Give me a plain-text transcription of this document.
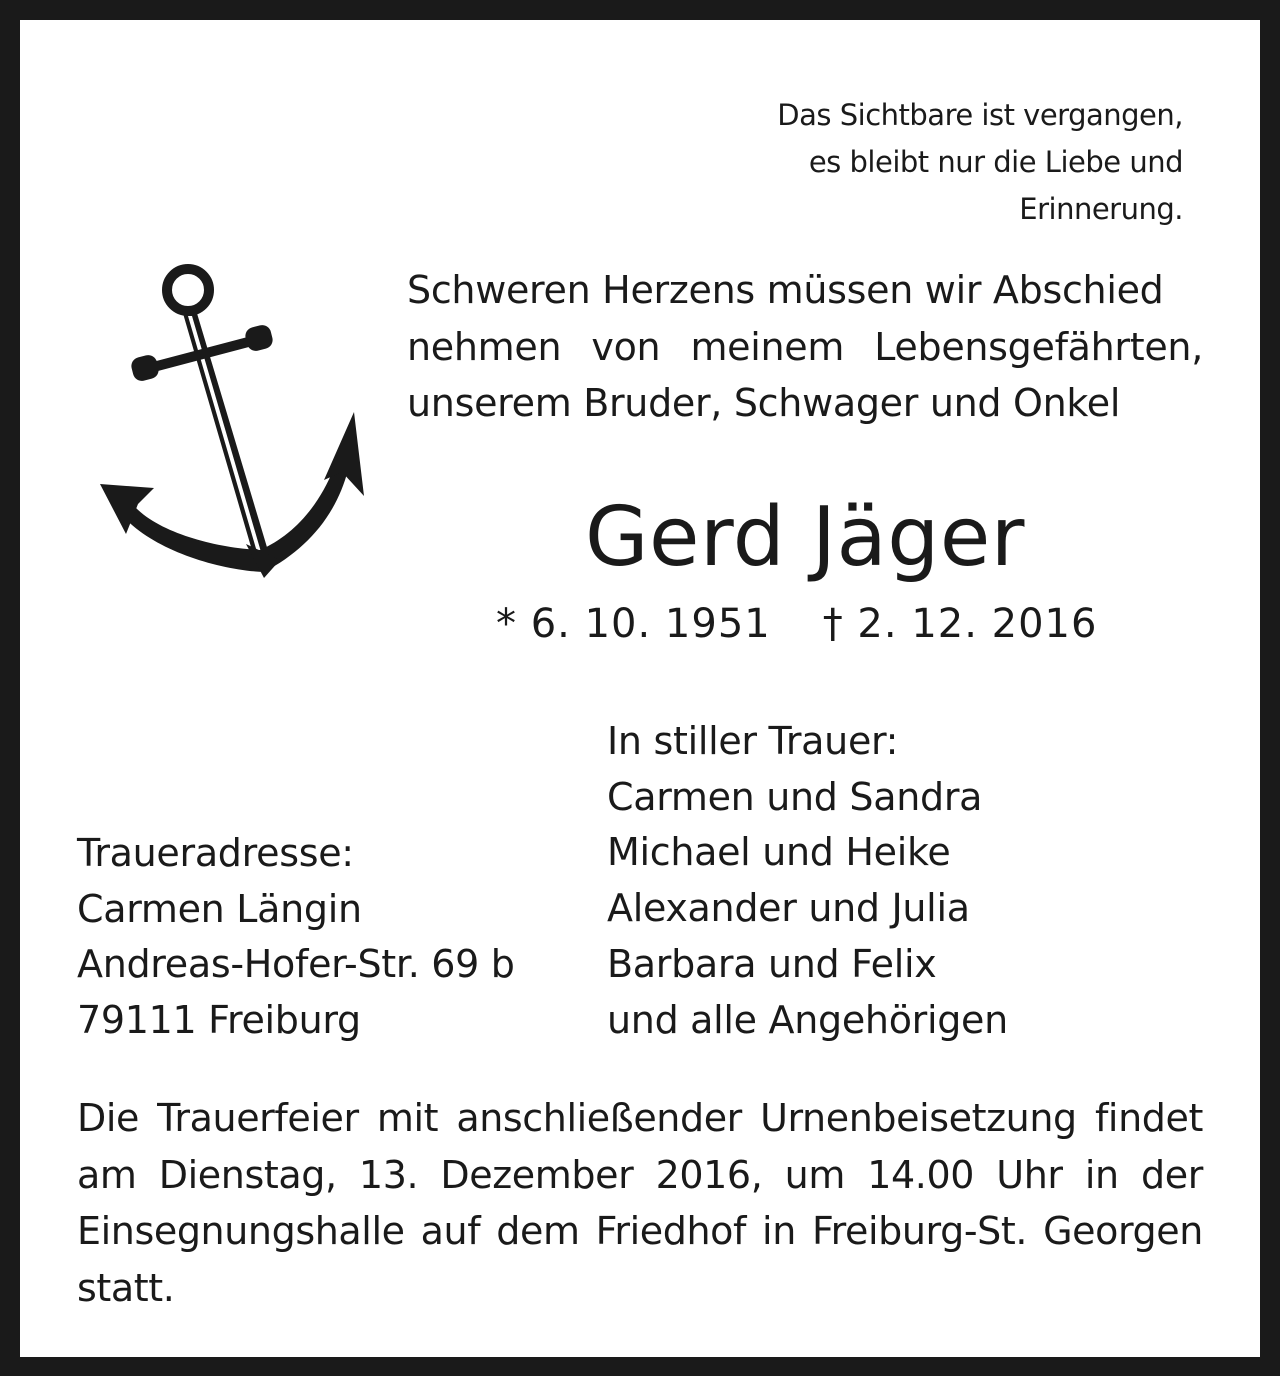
Das Sichtbare ist vergangen,
es bleibt nur die Liebe und
Erinnerung.
Schweren Herzens müssen wir Abschied
nehmen von meinem Lebensgefährten,
unserem Bruder, Schwager und Onkel
Gerd Jäger
* 6. 10. 1951 † 2. 12. 2016
In stiller Trauer:
Carmen und Sandra
Michael und Heike
Alexander und Julia
Barbara und Felix
und alle Angehörigen
Traueradresse:
Carmen Längin
Andreas-Hofer-Str. 69 b
79111 Freiburg
Die Trauerfeier mit anschließender Urnenbeisetzung findet
am Dienstag, 13. Dezember 2016, um 14.00 Uhr in der
Einsegnungshalle auf dem Friedhof in Freiburg-St. Georgen
statt.
